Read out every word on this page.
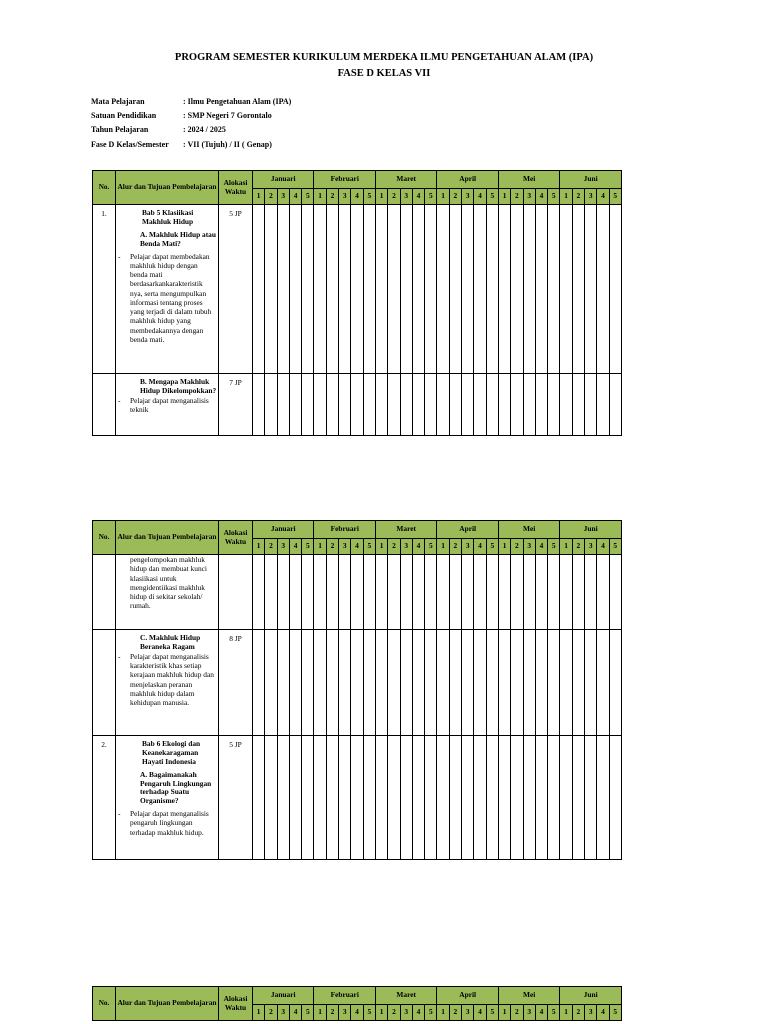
PROGRAM SEMESTER KURIKULUM MERDEKA ILMU PENGETAHUAN ALAM (IPA)
FASE D KELAS VII
Mata Pelajaran	: Ilmu Pengetahuan Alam (IPA)
Satuan Pendidikan	: SMP Negeri 7 Gorontalo
Tahun Pelajaran	: 2024 / 2025
Fase D Kelas/Semester	: VII (Tujuh) / II ( Genap)
No.	Alur dan Tujuan Pembelajaran	Alokasi Waktu	Januari					Februari					Maret					April					Mei					Juni				
			1	2	3	4	5	1	2	3	4	5	1	2	3	4	5	1	2	3	4	5	1	2	3	4	5	1	2	3	4	5
1.	Bab 5 Klasiikasi Makhluk Hidup
A. Makhluk Hidup atau Benda Mati?
- Pelajar dapat membedakan makhluk hidup dengan benda mati berdasarkankarakteristik nya, serta mengumpulkan informasi tentang proses yang terjadi di dalam tubuh makhluk hidup yang membedakannya dengan benda mati.	5 JP																														

	B. Mengapa Makhluk Hidup Dikelompokkan?
- Pelajar dapat menganalisis teknik	7 JP																														
No.	Alur dan Tujuan Pembelajaran	Alokasi Waktu	Januari					Februari					Maret					April					Mei					Juni				
			1	2	3	4	5	1	2	3	4	5	1	2	3	4	5	1	2	3	4	5	1	2	3	4	5	1	2	3	4	5

	pengelompokan makhluk hidup dan membuat kunci klasiikasi untuk mengidentiikasi makhluk hidup di sekitar sekolah/ rumah.																															

	C. Makhluk Hidup Beraneka Ragam
- Pelajar dapat menganalisis karakteristik khas setiap kerajaan makhluk hidup dan menjelaskan peranan makhluk hidup dalam kehidupan manusia.	8 JP																														
2.	Bab 6 Ekologi dan Keanekaragaman Hayati Indonesia
A. Bagaimanakah Pengaruh Lingkungan terhadap Suatu Organisme?
- Pelajar dapat menganalisis pengaruh lingkungan terhadap makhluk hidup.	5 JP																														
No.	Alur dan Tujuan Pembelajaran	Alokasi Waktu	Januari					Februari					Maret					April					Mei					Juni				
			1	2	3	4	5	1	2	3	4	5	1	2	3	4	5	1	2	3	4	5	1	2	3	4	5	1	2	3	4	5
